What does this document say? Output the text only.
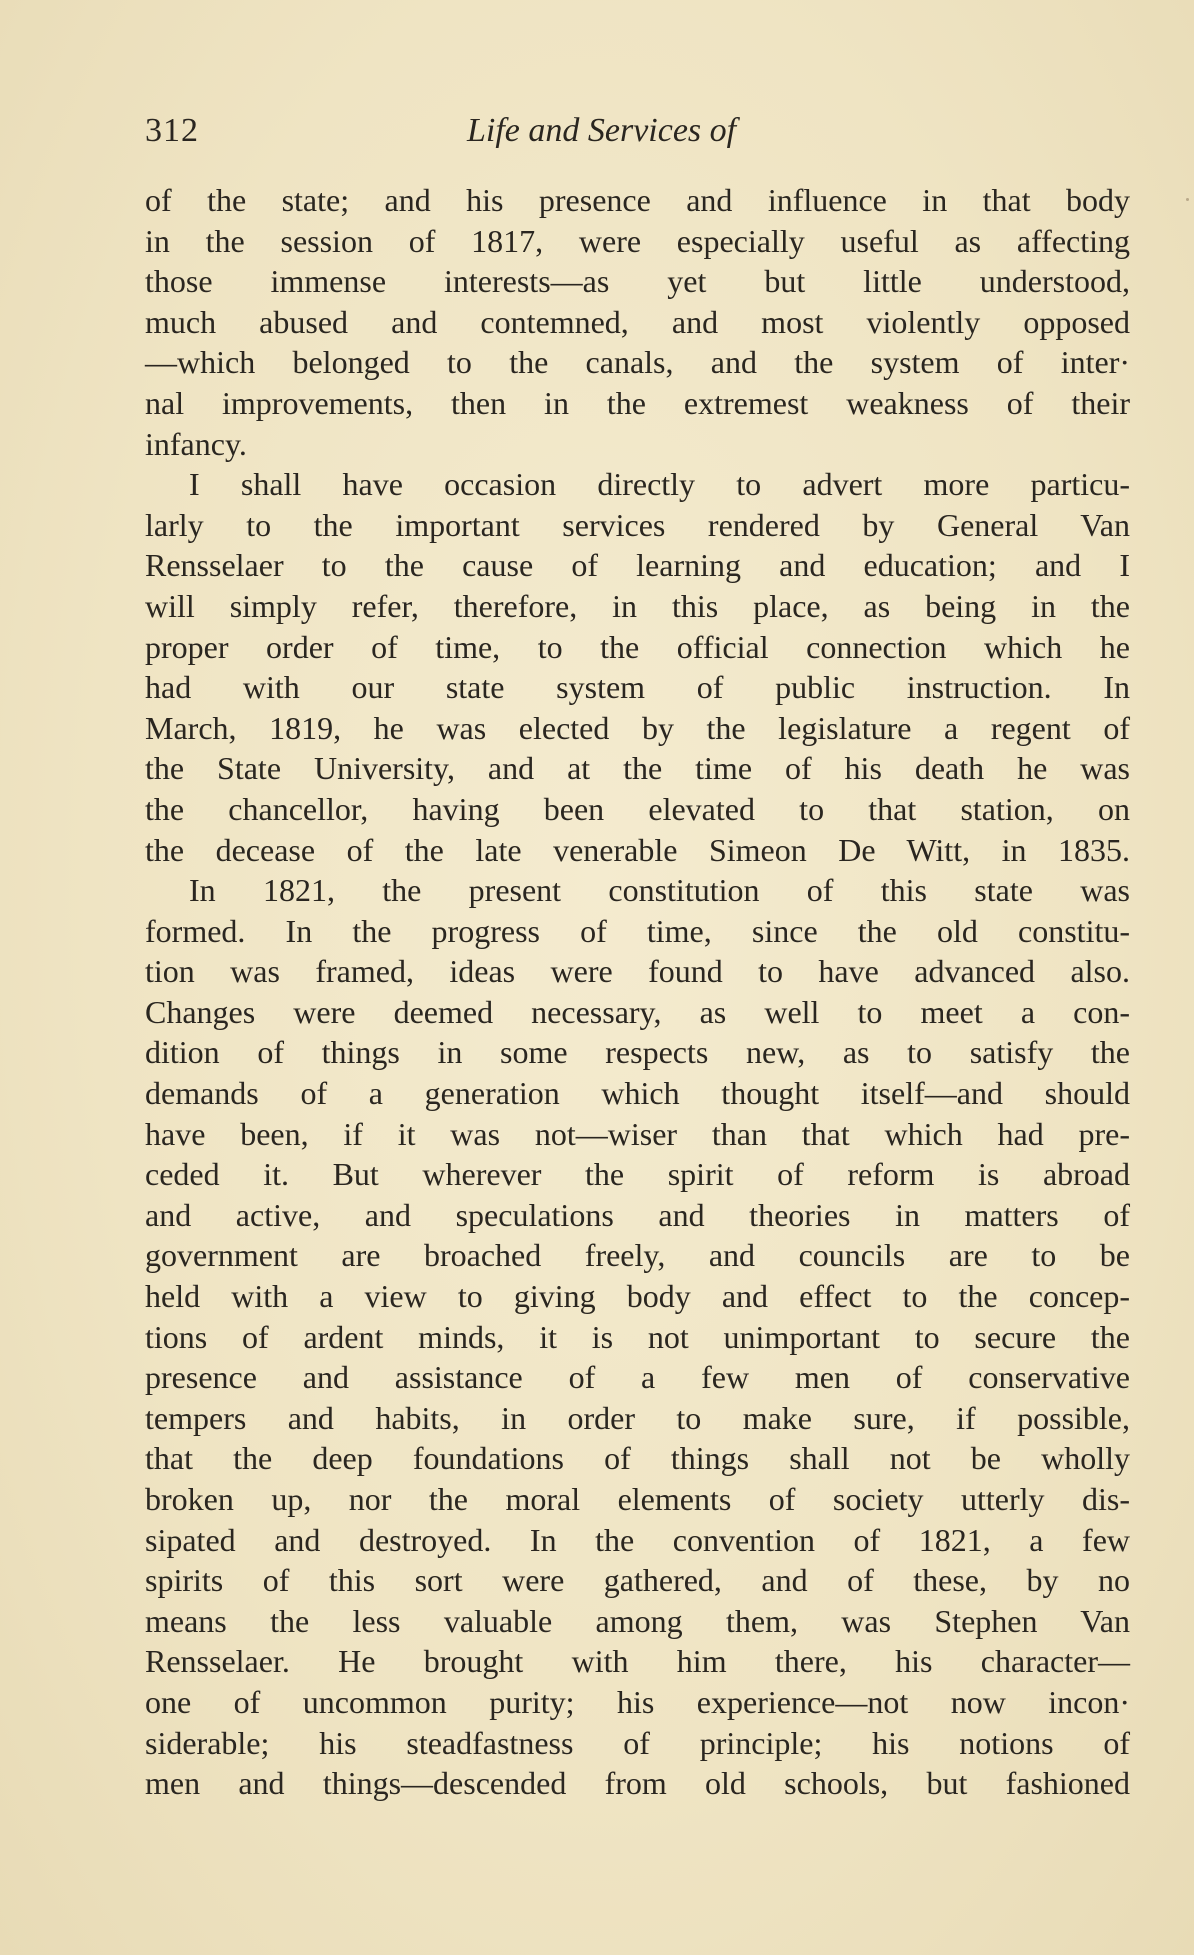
312	Life and Services of
of the state; and his presence and influence in that body
in the session of 1817, were especially useful as affecting
those immense interests—as yet but little understood,
much abused and contemned, and most violently opposed
—which belonged to the canals, and the system of inter·
nal improvements, then in the extremest weakness of their
infancy.
I shall have occasion directly to advert more particu-
larly to the important services rendered by General Van
Rensselaer to the cause of learning and education; and I
will simply refer, therefore, in this place, as being in the
proper order of time, to the official connection which he
had with our state system of public instruction. In
March, 1819, he was elected by the legislature a regent of
the State University, and at the time of his death he was
the chancellor, having been elevated to that station, on
the decease of the late venerable Simeon De Witt, in 1835.
In 1821, the present constitution of this state was
formed. In the progress of time, since the old constitu-
tion was framed, ideas were found to have advanced also.
Changes were deemed necessary, as well to meet a con-
dition of things in some respects new, as to satisfy the
demands of a generation which thought itself—and should
have been, if it was not—wiser than that which had pre-
ceded it. But wherever the spirit of reform is abroad
and active, and speculations and theories in matters of
government are broached freely, and councils are to be
held with a view to giving body and effect to the concep-
tions of ardent minds, it is not unimportant to secure the
presence and assistance of a few men of conservative
tempers and habits, in order to make sure, if possible,
that the deep foundations of things shall not be wholly
broken up, nor the moral elements of society utterly dis-
sipated and destroyed. In the convention of 1821, a few
spirits of this sort were gathered, and of these, by no
means the less valuable among them, was Stephen Van
Rensselaer. He brought with him there, his character—
one of uncommon purity; his experience—not now incon·
siderable; his steadfastness of principle; his notions of
men and things—descended from old schools, but fashioned
